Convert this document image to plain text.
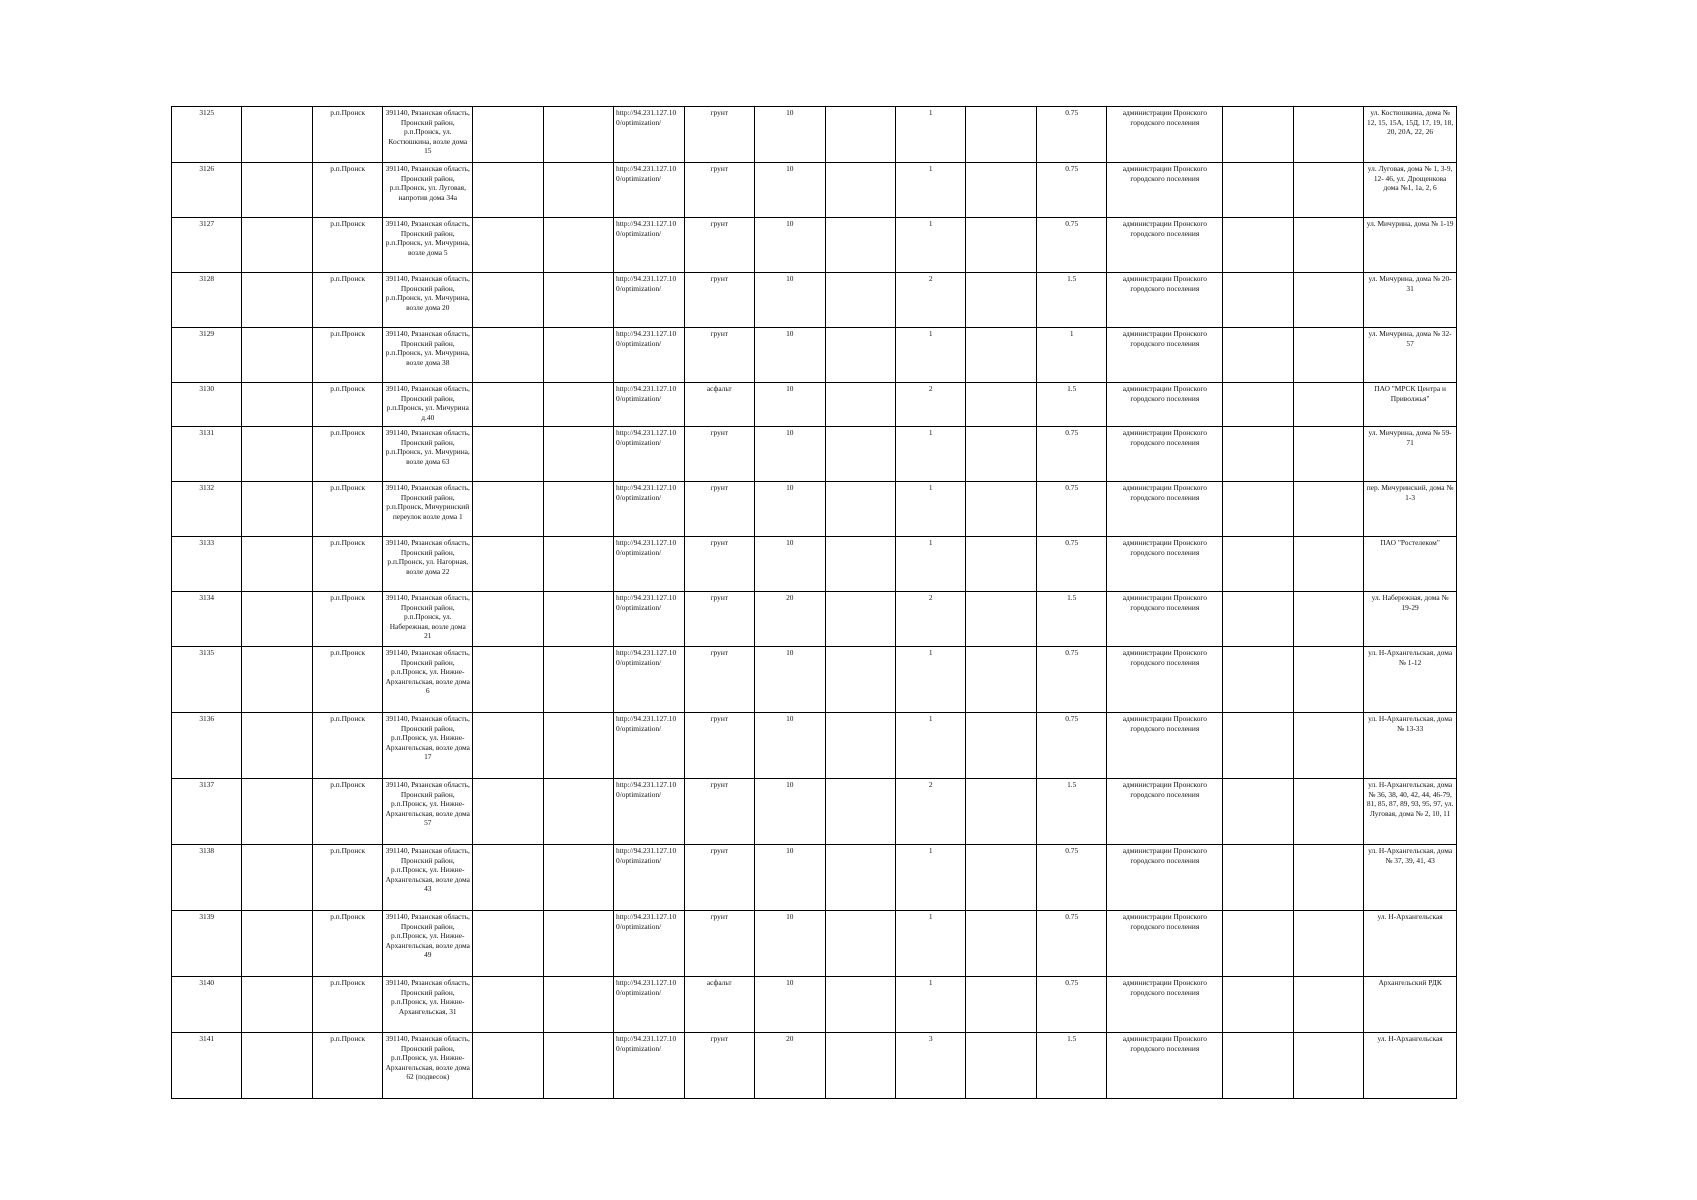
3125		р.п.Пронск	391140, Рязанская область, Пронский район, р.п.Пронск, ул. Костюшкина, возле дома 15			http://94.231.127.10 0/optimization/	грунт	10		1		0.75	администрации Пронского городского поселения			ул. Костюшкина, дома № 12, 15, 15А, 15Д, 17, 19, 18, 20, 20А, 22, 26
3126		р.п.Пронск	391140, Рязанская область, Пронский район, р.п.Пронск, ул. Луговая, напротив дома 34а			http://94.231.127.10 0/optimization/	грунт	10		1		0.75	администрации Пронского городского поселения			ул. Луговая, дома № 1, 3-9, 12- 46, ул. Дрощенкова дома №1, 1а, 2, 6
3127		р.п.Пронск	391140, Рязанская область, Пронский район, р.п.Пронск, ул. Мичурина, возле дома 5			http://94.231.127.10 0/optimization/	грунт	10		1		0.75	администрации Пронского городского поселения			ул. Мичурина, дома № 1-19
3128		р.п.Пронск	391140, Рязанская область, Пронский район, р.п.Пронск, ул. Мичурина, возле дома 20			http://94.231.127.10 0/optimization/	грунт	10		2		1.5	администрации Пронского городского поселения			ул. Мичурина, дома № 20-31
3129		р.п.Пронск	391140, Рязанская область, Пронский район, р.п.Пронск, ул. Мичурина, возле дома 38			http://94.231.127.10 0/optimization/	грунт	10		1		1	администрации Пронского городского поселения			ул. Мичурина, дома № 32-57
3130		р.п.Пронск	391140, Рязанская область, Пронский район, р.п.Пронск, ул. Мичурина д.40			http://94.231.127.10 0/optimization/	асфальт	10		2		1.5	администрации Пронского городского поселения			ПАО "МРСК Центра и Приволжья"
3131		р.п.Пронск	391140, Рязанская область, Пронский район, р.п.Пронск, ул. Мичурина, возле дома 63			http://94.231.127.10 0/optimization/	грунт	10		1		0.75	администрации Пронского городского поселения			ул. Мичурина, дома № 59-71
3132		р.п.Пронск	391140, Рязанская область, Пронский район, р.п.Пронск, Мичуринский переулок возле дома 1			http://94.231.127.10 0/optimization/	грунт	10		1		0.75	администрации Пронского городского поселения			пер. Мичуринский, дома № 1-3
3133		р.п.Пронск	391140, Рязанская область, Пронский район, р.п.Пронск, ул. Нагорная, возле дома 22			http://94.231.127.10 0/optimization/	грунт	10		1		0.75	администрации Пронского городского поселения			ПАО "Ростелеком"
3134		р.п.Пронск	391140, Рязанская область, Пронский район, р.п.Пронск, ул. Набережная, возле дома 21			http://94.231.127.10 0/optimization/	грунт	20		2		1.5	администрации Пронского городского поселения			ул. Набережная, дома № 19-29
3135		р.п.Пронск	391140, Рязанская область, Пронский район, р.п.Пронск, ул. Нижне-Архангельская, возле дома 6			http://94.231.127.10 0/optimization/	грунт	10		1		0.75	администрации Пронского городского поселения			ул. Н-Архангельская, дома № 1-12
3136		р.п.Пронск	391140, Рязанская область, Пронский район, р.п.Пронск, ул. Нижне-Архангельская, возле дома 17			http://94.231.127.10 0/optimization/	грунт	10		1		0.75	администрации Пронского городского поселения			ул. Н-Архангельская, дома № 13-33
3137		р.п.Пронск	391140, Рязанская область, Пронский район, р.п.Пронск, ул. Нижне-Архангельская, возле дома 57			http://94.231.127.10 0/optimization/	грунт	10		2		1.5	администрации Пронского городского поселения			ул. Н-Архангельская, дома № 36, 38, 40, 42, 44, 46-79, 81, 85, 87, 89, 93, 95, 97, ул. Луговая, дома № 2, 10, 11
3138		р.п.Пронск	391140, Рязанская область, Пронский район, р.п.Пронск, ул. Нижне-Архангельская, возле дома 43			http://94.231.127.10 0/optimization/	грунт	10		1		0.75	администрации Пронского городского поселения			ул. Н-Архангельская, дома № 37, 39, 41, 43
3139		р.п.Пронск	391140, Рязанская область, Пронский район, р.п.Пронск, ул. Нижне-Архангельская, возле дома 49			http://94.231.127.10 0/optimization/	грунт	10		1		0.75	администрации Пронского городского поселения			ул. Н-Архангельская
3140		р.п.Пронск	391140, Рязанская область, Пронский район, р.п.Пронск, ул. Нижне-Архангельская, 31			http://94.231.127.10 0/optimization/	асфальт	10		1		0.75	администрации Пронского городского поселения			Архангельский РДК
3141		р.п.Пронск	391140, Рязанская область, Пронский район, р.п.Пронск, ул. Нижне-Архангельская, возле дома 62 (подвесок)			http://94.231.127.10 0/optimization/	грунт	20		3		1.5	администрации Пронского городского поселения			ул. Н-Архангельская
